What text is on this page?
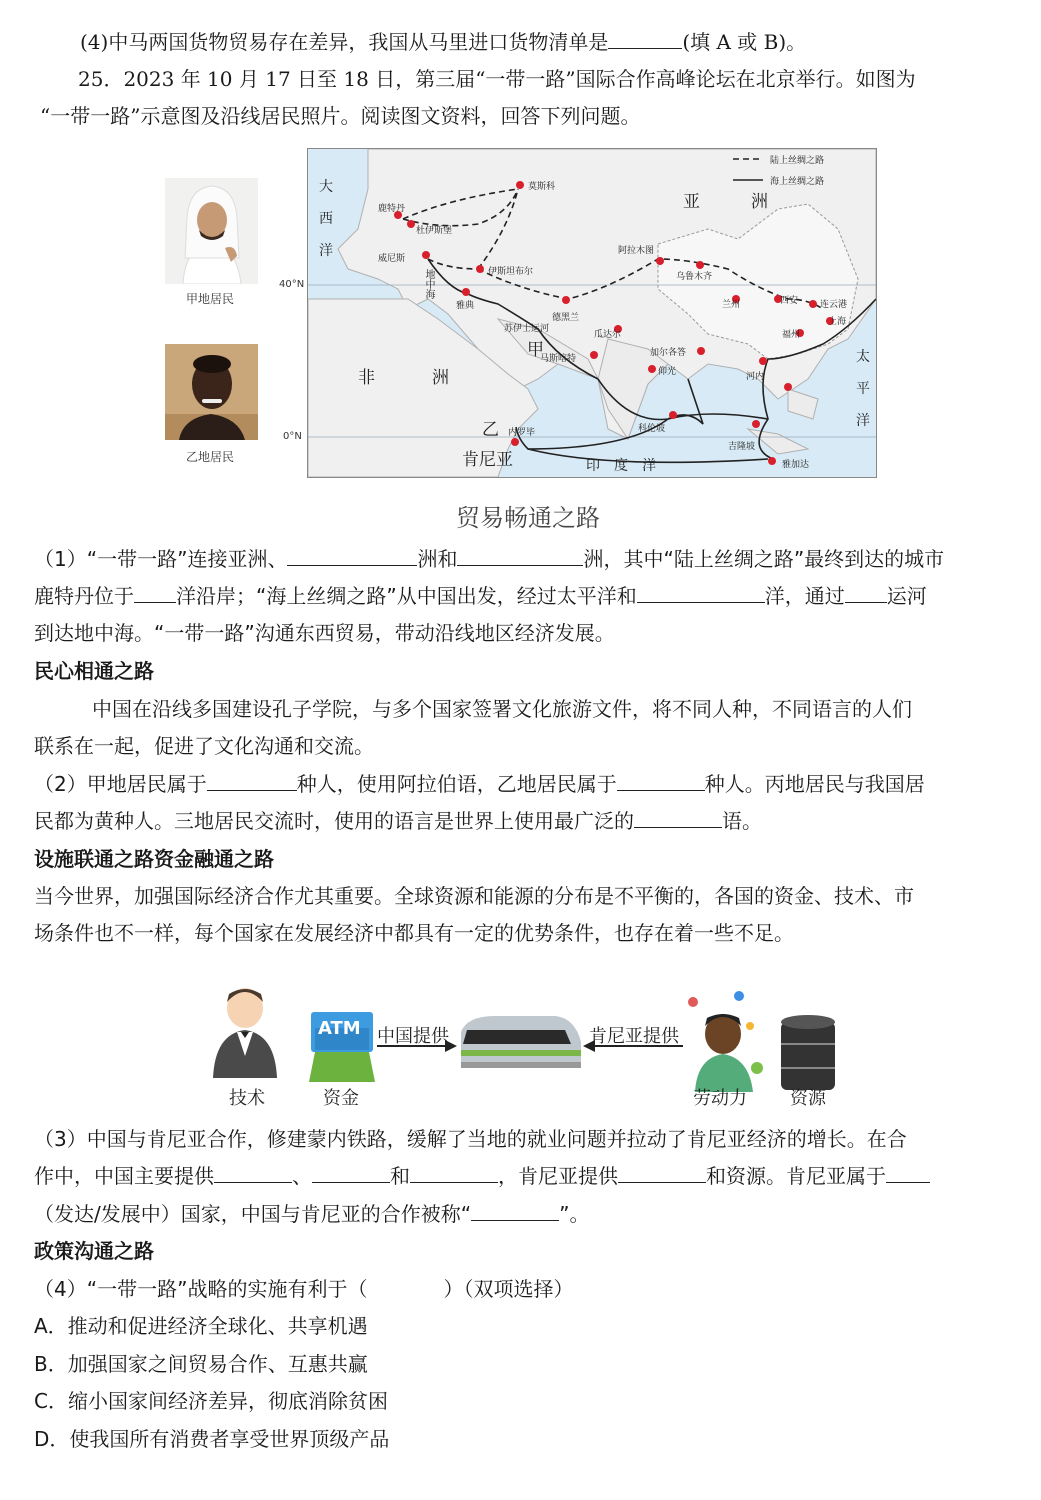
(4)中马两国货物贸易存在差异，我国从马里进口货物清单是	(填 A 或 B)。
25．2023 年 10 月 17 日至 18 日，第三届“一带一路”国际合作高峰论坛在北京举行。如图为
“一带一路”示意图及沿线居民照片。阅读图文资料，回答下列问题。
甲地居民
乙地居民
陆上丝绸之路
海上丝绸之路
亚	洲
非	洲
大西洋
太平洋
印　度　洋
地中海
肯尼亚
甲
乙
莫斯科
鹿特丹
杜伊斯堡
威尼斯
雅典
伊斯坦布尔
苏伊士运河
德黑兰
阿拉木图
乌鲁木齐
兰州	西安 连云港
上海
福州
河内
瓜达尔
加尔各答
马斯喀特
仰光
科伦坡
吉隆坡
雅加达
内罗毕
40°N
0°N
贸易畅通之路
（1）“一带一路”连接亚洲、	洲和	洲，其中“陆上丝绸之路”最终到达的城市
鹿特丹位于 洋沿岸；“海上丝绸之路”从中国出发，经过太平洋和	洋，通过 运河
到达地中海。“一带一路”沟通东西贸易，带动沿线地区经济发展。
民心相通之路
中国在沿线多国建设孔子学院，与多个国家签署文化旅游文件，将不同人种，不同语言的人们
联系在一起，促进了文化沟通和交流。
（2）甲地居民属于	种人，使用阿拉伯语，乙地居民属于	种人。丙地居民与我国居
民都为黄种人。三地居民交流时，使用的语言是世界上使用最广泛的	语。
设施联通之路资金融通之路
当今世界，加强国际经济合作尤其重要。全球资源和能源的分布是不平衡的，各国的资金、技术、市
场条件也不一样，每个国家在发展经济中都具有一定的优势条件，也存在着一些不足。
ATM 中国提供	肯尼亚提供
技术	资金	劳动力 资源
（3）中国与肯尼亚合作，修建蒙内铁路，缓解了当地的就业问题并拉动了肯尼亚经济的增长。在合
作中，中国主要提供	、	和	，肯尼亚提供	和资源。肯尼亚属于
（发达/发展中）国家，中国与肯尼亚的合作被称“	”。
政策沟通之路
（4）“一带一路”战略的实施有利于（	）（双项选择）
A．推动和促进经济全球化、共享机遇
B．加强国家之间贸易合作、互惠共赢
C．缩小国家间经济差异，彻底消除贫困
D．使我国所有消费者享受世界顶级产品
